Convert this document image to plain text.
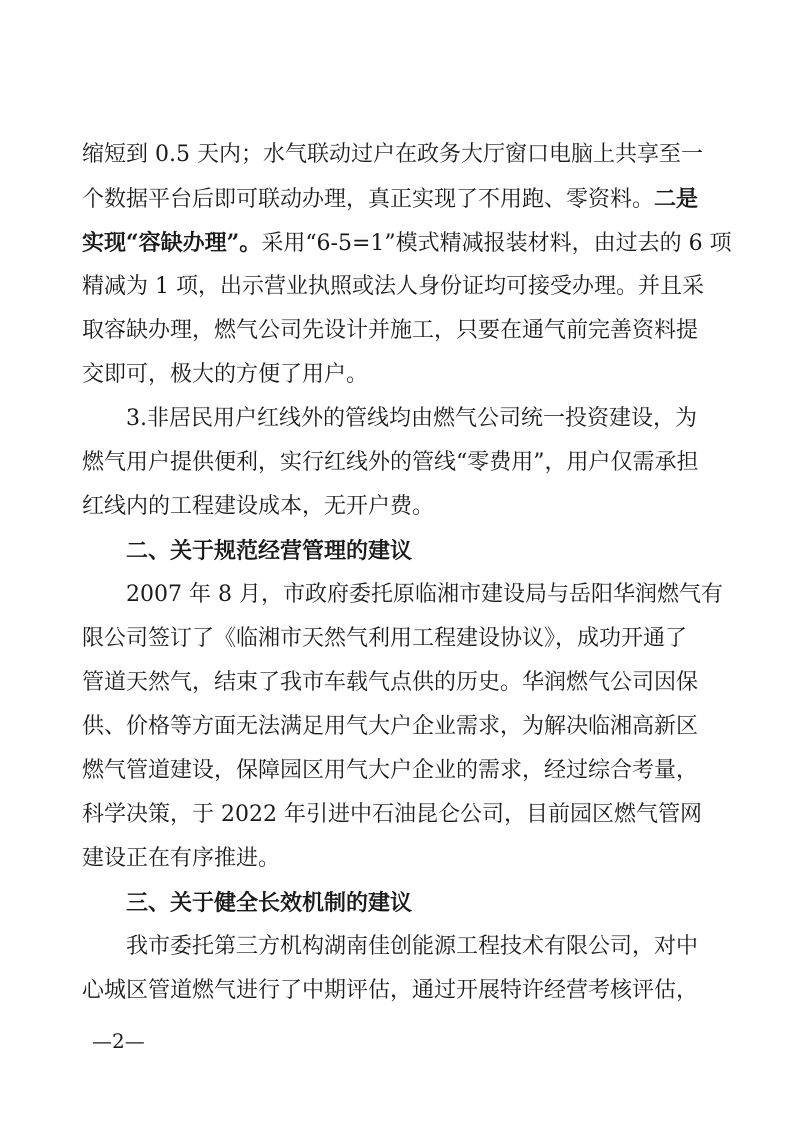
缩短到 0.5 天内；水气联动过户在政务大厅窗口电脑上共享至一
个数据平台后即可联动办理，真正实现了不用跑、零资料。二是
实现“容缺办理”。采用“6-5=1”模式精减报装材料，由过去的 6 项
精减为 1 项，出示营业执照或法人身份证均可接受办理。并且采
取容缺办理，燃气公司先设计并施工，只要在通气前完善资料提
交即可，极大的方便了用户。
3.非居民用户红线外的管线均由燃气公司统一投资建设，为
燃气用户提供便利，实行红线外的管线“零费用”，用户仅需承担
红线内的工程建设成本，无开户费。
二、关于规范经营管理的建议
2007 年 8 月，市政府委托原临湘市建设局与岳阳华润燃气有
限公司签订了《临湘市天然气利用工程建设协议》，成功开通了
管道天然气，结束了我市车载气点供的历史。华润燃气公司因保
供、价格等方面无法满足用气大户企业需求，为解决临湘高新区
燃气管道建设，保障园区用气大户企业的需求，经过综合考量，
科学决策，于 2022 年引进中石油昆仑公司，目前园区燃气管网
建设正在有序推进。
三、关于健全长效机制的建议
我市委托第三方机构湖南佳创能源工程技术有限公司，对中
心城区管道燃气进行了中期评估，通过开展特许经营考核评估，
—2—
